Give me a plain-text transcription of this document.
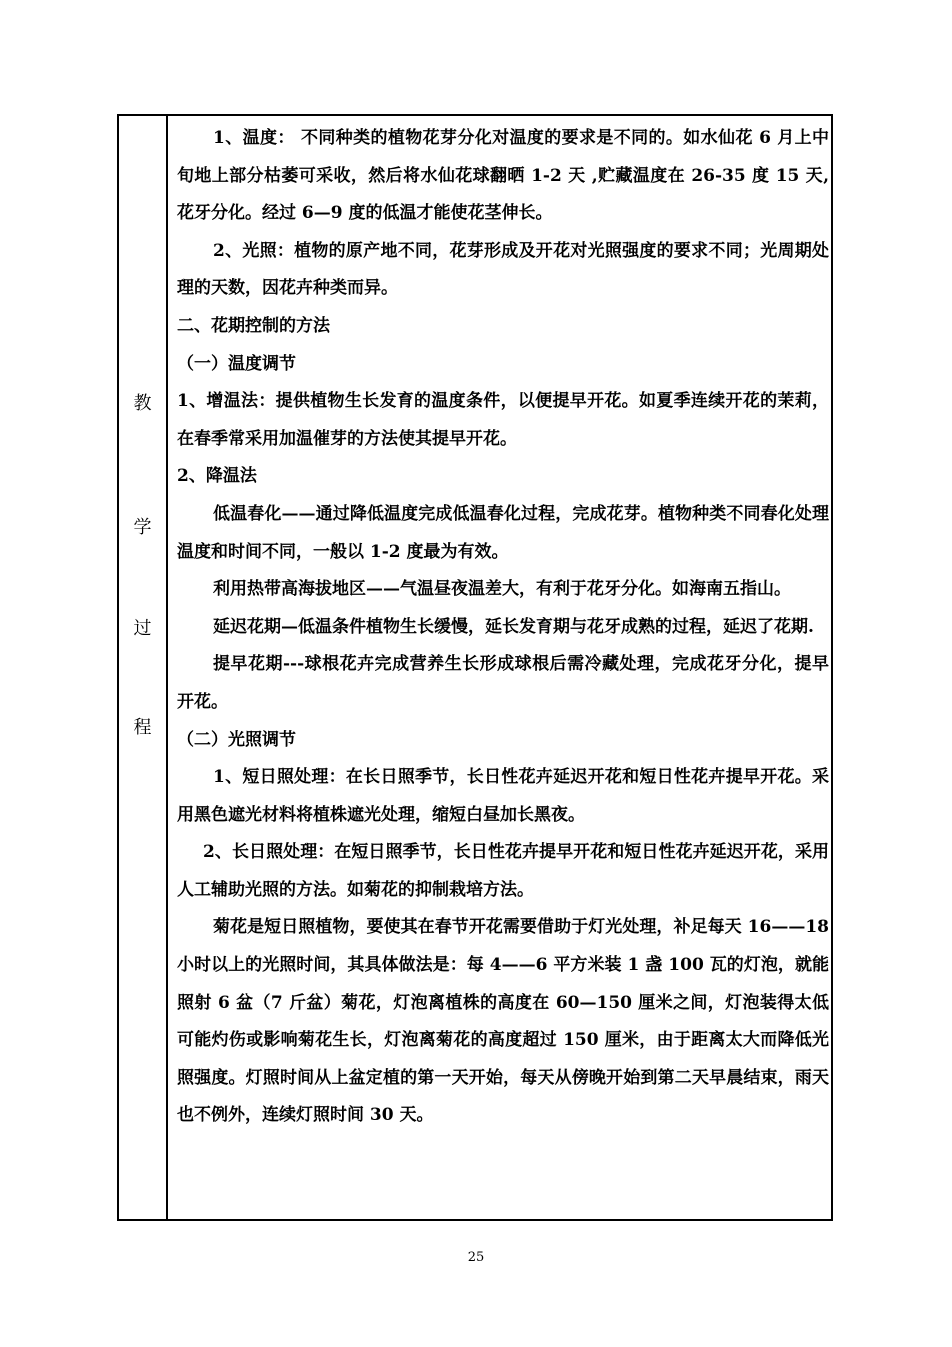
教
学
过
程

1、温度： 不同种类的植物花芽分化对温度的要求是不同的。如水仙花 6 月上中旬地上部分枯萎可采收，然后将水仙花球翻晒 1-2 天 ,贮藏温度在 26-35 度 15 天,花牙分化。经过 6—9 度的低温才能使花茎伸长。

2、光照：植物的原产地不同，花芽形成及开花对光照强度的要求不同；光周期处理的天数，因花卉种类而异。

二、花期控制的方法

（一）温度调节

1、增温法：提供植物生长发育的温度条件，以便提早开花。如夏季连续开花的茉莉，在春季常采用加温催芽的方法使其提早开花。

2、降温法

低温春化——通过降低温度完成低温春化过程，完成花芽。植物种类不同春化处理温度和时间不同，一般以 1-2 度最为有效。

利用热带高海拔地区——气温昼夜温差大，有利于花牙分化。如海南五指山。

延迟花期—低温条件植物生长缓慢，延长发育期与花牙成熟的过程，延迟了花期.

提早花期---球根花卉完成营养生长形成球根后需冷藏处理，完成花牙分化，提早开花。

（二）光照调节

1、短日照处理：在长日照季节，长日性花卉延迟开花和短日性花卉提早开花。采用黑色遮光材料将植株遮光处理，缩短白昼加长黑夜。

2、长日照处理：在短日照季节，长日性花卉提早开花和短日性花卉延迟开花，采用人工辅助光照的方法。如菊花的抑制栽培方法。

菊花是短日照植物，要使其在春节开花需要借助于灯光处理，补足每天 16——18 小时以上的光照时间，其具体做法是：每 4——6 平方米装 1 盏 100 瓦的灯泡，就能照射 6 盆（7 斤盆）菊花，灯泡离植株的高度在 60—150 厘米之间，灯泡装得太低可能灼伤或影响菊花生长，灯泡离菊花的高度超过 150 厘米，由于距离太大而降低光照强度。灯照时间从上盆定植的第一天开始，每天从傍晚开始到第二天早晨结束，雨天也不例外，连续灯照时间 30 天。

25
